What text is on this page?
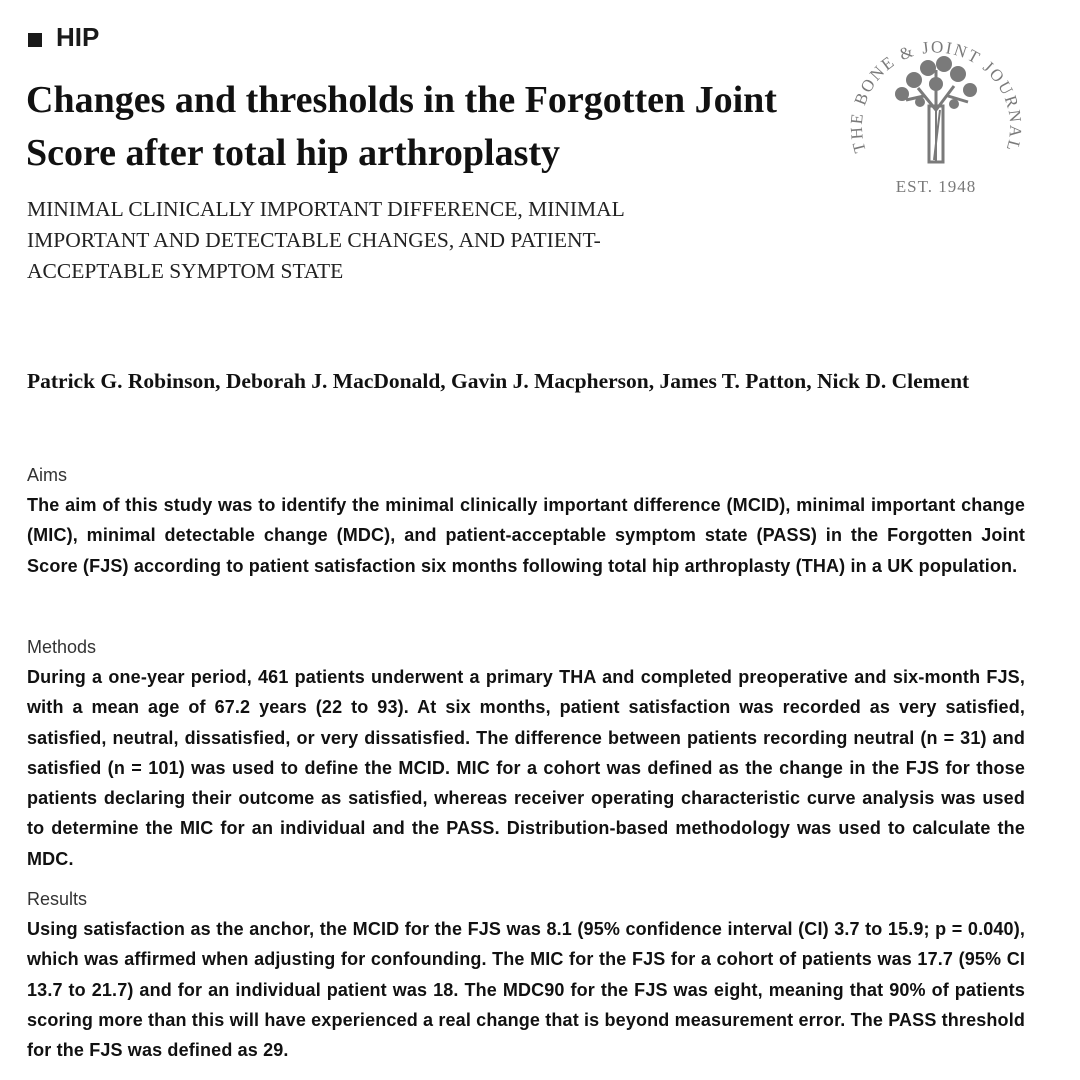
HIP
Changes and thresholds in the Forgotten Joint Score after total hip arthroplasty

MINIMAL CLINICALLY IMPORTANT DIFFERENCE, MINIMAL IMPORTANT AND DETECTABLE CHANGES, AND PATIENT-ACCEPTABLE SYMPTOM STATE

THE BONE & JOINT JOURNAL
EST. 1948

Patrick G. Robinson, Deborah J. MacDonald, Gavin J. Macpherson, James T. Patton, Nick D. Clement

Aims

The aim of this study was to identify the minimal clinically important difference (MCID), minimal important change (MIC), minimal detectable change (MDC), and patient-acceptable symptom state (PASS) in the Forgotten Joint Score (FJS) according to patient satisfaction six months following total hip arthroplasty (THA) in a UK population.

Methods

During a one-year period, 461 patients underwent a primary THA and completed preoperative and six-month FJS, with a mean age of 67.2 years (22 to 93). At six months, patient satisfaction was recorded as very satisfied, satisfied, neutral, dissatisfied, or very dissatisfied. The difference between patients recording neutral (n = 31) and satisfied (n = 101) was used to define the MCID. MIC for a cohort was defined as the change in the FJS for those patients declaring their outcome as satisfied, whereas receiver operating characteristic curve analysis was used to determine the MIC for an individual and the PASS. Distribution-based methodology was used to calculate the MDC.

Results

Using satisfaction as the anchor, the MCID for the FJS was 8.1 (95% confidence interval (CI) 3.7 to 15.9; p = 0.040), which was affirmed when adjusting for confounding. The MIC for the FJS for a cohort of patients was 17.7 (95% CI 13.7 to 21.7) and for an individual patient was 18. The MDC90 for the FJS was eight, meaning that 90% of patients scoring more than this will have experienced a real change that is beyond measurement error. The PASS threshold for the FJS was defined as 29.
